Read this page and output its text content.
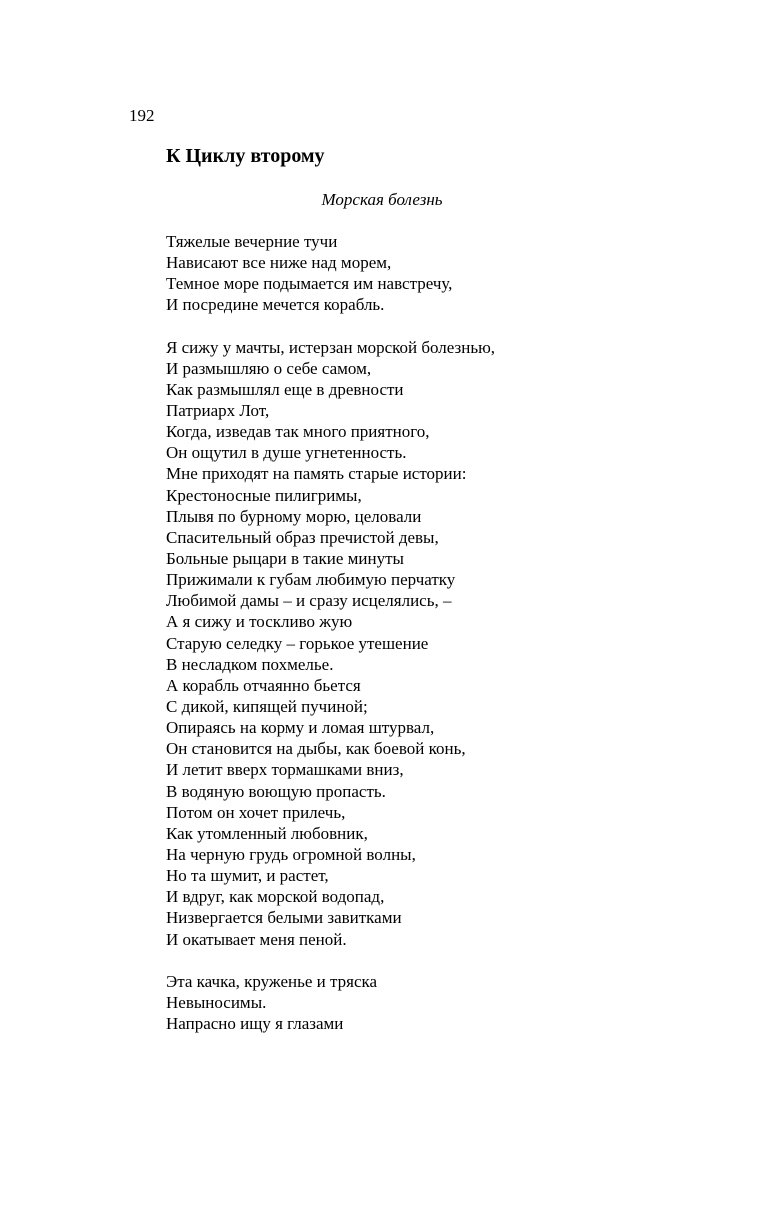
192
К Циклу второму
Морская болезнь
Тяжелые вечерние тучи
Нависают все ниже над морем,
Темное море подымается им навстречу,
И посредине мечется корабль.
Я сижу у мачты, истерзан морской болезнью,
И размышляю о себе самом,
Как размышлял еще в древности
Патриарх Лот,
Когда, изведав так много приятного,
Он ощутил в душе угнетенность.
Мне приходят на память старые истории:
Крестоносные пилигримы,
Плывя по бурному морю, целовали
Спасительный образ пречистой девы,
Больные рыцари в такие минуты
Прижимали к губам любимую перчатку
Любимой дамы – и сразу исцелялись, –
А я сижу и тоскливо жую
Старую селедку – горькое утешение
В несладком похмелье.
А корабль отчаянно бьется
С дикой, кипящей пучиной;
Опираясь на корму и ломая штурвал,
Он становится на дыбы, как боевой конь,
И летит вверх тормашками вниз,
В водяную воющую пропасть.
Потом он хочет прилечь,
Как утомленный любовник,
На черную грудь огромной волны,
Но та шумит, и растет,
И вдруг, как морской водопад,
Низвергается белыми завитками
И окатывает меня пеной.
Эта качка, круженье и тряска
Невыносимы.
Напрасно ищу я глазами
